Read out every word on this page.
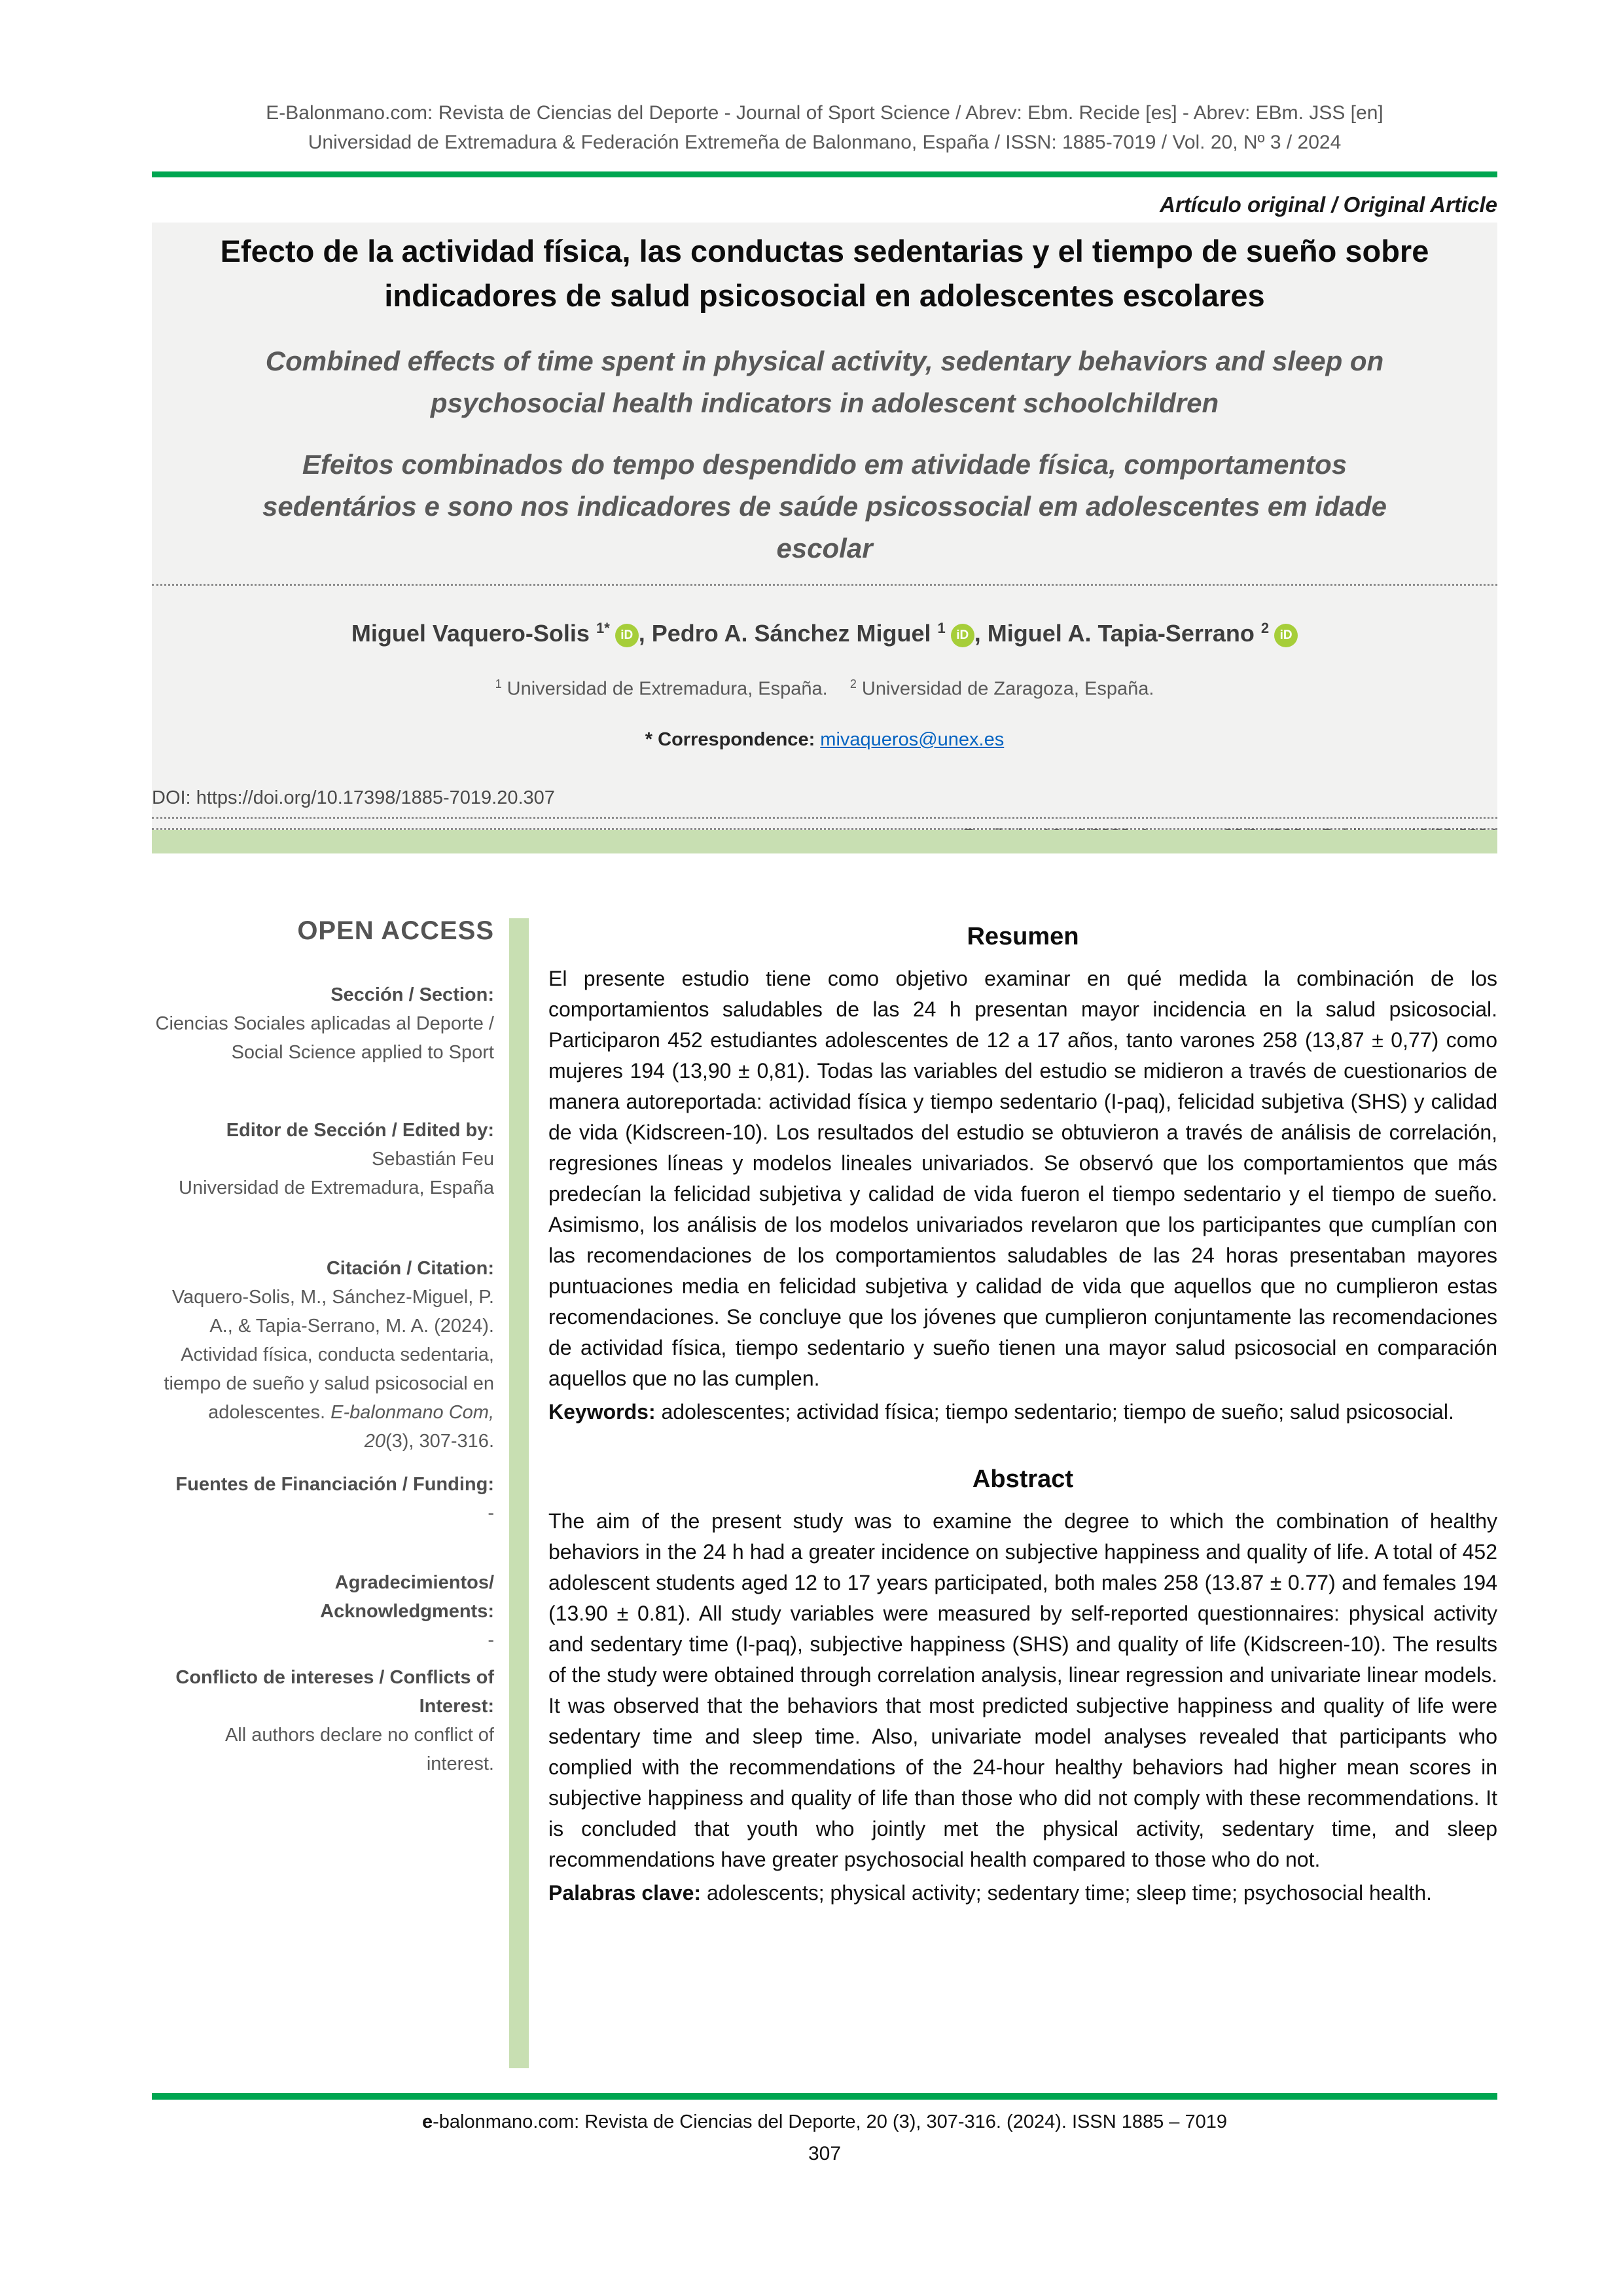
E-Balonmano.com: Revista de Ciencias del Deporte - Journal of Sport Science / Abrev: Ebm. Recide [es] - Abrev: EBm. JSS [en]
Universidad de Extremadura & Federación Extremeña de Balonmano, España / ISSN: 1885-7019 / Vol. 20, Nº 3 / 2024
Artículo original / Original Article
Efecto de la actividad física, las conductas sedentarias y el tiempo de sueño sobre indicadores de salud psicosocial en adolescentes escolares
Combined effects of time spent in physical activity, sedentary behaviors and sleep on psychosocial health indicators in adolescent schoolchildren
Efeitos combinados do tempo despendido em atividade física, comportamentos sedentários e sono nos indicadores de saúde psicossocial em adolescentes em idade escolar
Miguel Vaquero-Solis $^{1*}$ iD , Pedro A. Sánchez Miguel $^1$ iD , Miguel A. Tapia-Serrano $^2$ iD
$^1$ Universidad de Extremadura, España. $^2$ Universidad de Zaragoza, España.
* Correspondence: mivaqueros@unex.es
DOI: https://doi.org/10.17398/1885-7019.20.307
OPEN ACCESS
Sección / Section:
Ciencias Sociales aplicadas al Deporte / Social Science applied to Sport
Editor de Sección / Edited by:
Sebastián Feu
Universidad de Extremadura, España
Citación / Citation:
Vaquero-Solis, M., Sánchez-Miguel, P. A., & Tapia-Serrano, M. A. (2024). Actividad física, conducta sedentaria, tiempo de sueño y salud psicosocial en adolescentes. E-balonmano Com, 20(3), 307-316.
Fuentes de Financiación / Funding:
-
Agradecimientos/
Acknowledgments:
-
Conflicto de intereses / Conflicts of Interest:
All authors declare no conflict of interest.
Resumen
El presente estudio tiene como objetivo examinar en qué medida la combinación de los comportamientos saludables de las 24 h presentan mayor incidencia en la salud psicosocial. Participaron 452 estudiantes adolescentes de 12 a 17 años, tanto varones 258 (13,87 ± 0,77) como mujeres 194 (13,90 ± 0,81). Todas las variables del estudio se midieron a través de cuestionarios de manera autoreportada: actividad física y tiempo sedentario (I-paq), felicidad subjetiva (SHS) y calidad de vida (Kidscreen-10). Los resultados del estudio se obtuvieron a través de análisis de correlación, regresiones líneas y modelos lineales univariados. Se observó que los comportamientos que más predecían la felicidad subjetiva y calidad de vida fueron el tiempo sedentario y el tiempo de sueño. Asimismo, los análisis de los modelos univariados revelaron que los participantes que cumplían con las recomendaciones de los comportamientos saludables de las 24 horas presentaban mayores puntuaciones media en felicidad subjetiva y calidad de vida que aquellos que no cumplieron estas recomendaciones. Se concluye que los jóvenes que cumplieron conjuntamente las recomendaciones de actividad física, tiempo sedentario y sueño tienen una mayor salud psicosocial en comparación aquellos que no las cumplen.
Keywords: adolescentes; actividad física; tiempo sedentario; tiempo de sueño; salud psicosocial.
Abstract
The aim of the present study was to examine the degree to which the combination of healthy behaviors in the 24 h had a greater incidence on subjective happiness and quality of life. A total of 452 adolescent students aged 12 to 17 years participated, both males 258 (13.87 ± 0.77) and females 194 (13.90 ± 0.81). All study variables were measured by self-reported questionnaires: physical activity and sedentary time (I-paq), subjective happiness (SHS) and quality of life (Kidscreen-10). The results of the study were obtained through correlation analysis, linear regression and univariate linear models. It was observed that the behaviors that most predicted subjective happiness and quality of life were sedentary time and sleep time. Also, univariate model analyses revealed that participants who complied with the recommendations of the 24-hour healthy behaviors had higher mean scores in subjective happiness and quality of life than those who did not comply with these recommendations. It is concluded that youth who jointly met the physical activity, sedentary time, and sleep recommendations have greater psychosocial health compared to those who do not.
Palabras clave: adolescents; physical activity; sedentary time; sleep time; psychosocial health.
e-balonmano.com: Revista de Ciencias del Deporte, 20 (3), 307-316. (2024). ISSN 1885 – 7019
307
